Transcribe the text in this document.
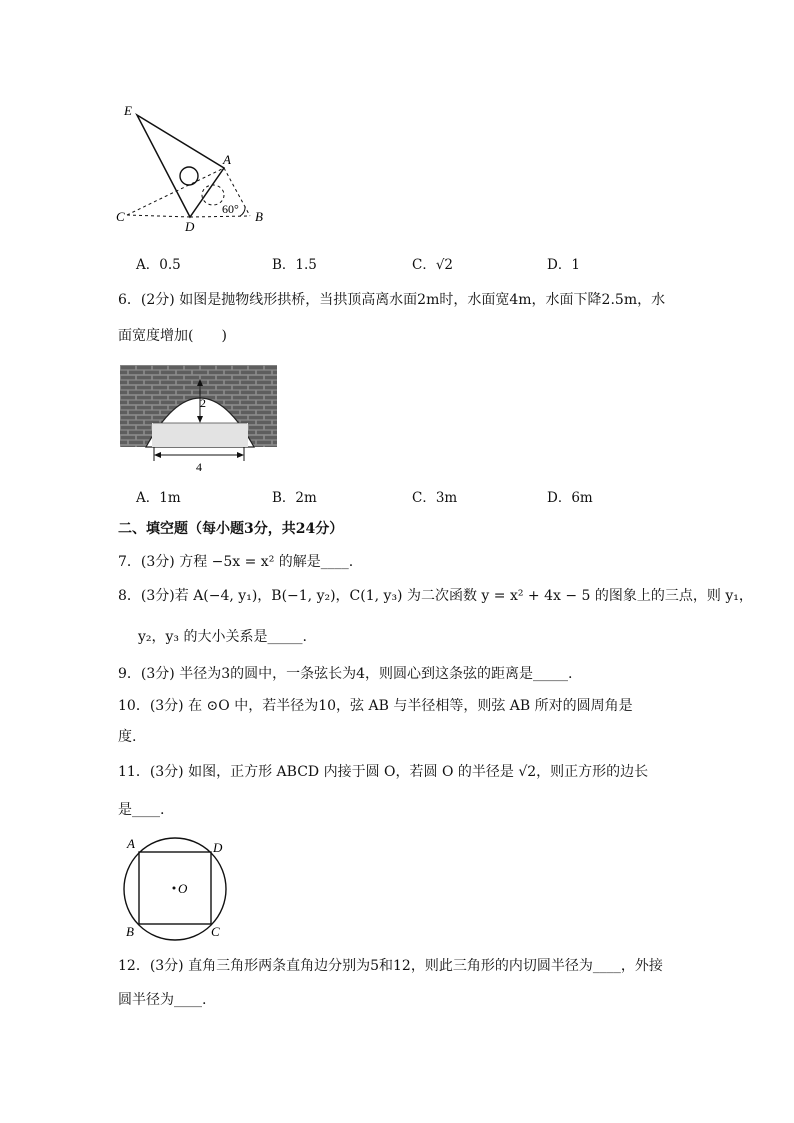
E
A
C
D
B
60°
A．0.5	B．1.5	C．√2	D．1
6．(2分) 如图是抛物线形拱桥，当拱顶高离水面2m时，水面宽4m，水面下降2.5m，水
面宽度增加(　　)
2
4
A．1m	B．2m	C．3m	D．6m
二、填空题（每小题3分，共24分）
7．(3分) 方程 −5x = x² 的解是____.
8．(3分)若 A(−4, y₁)，B(−1, y₂)，C(1, y₃) 为二次函数 y = x² + 4x − 5 的图象上的三点，则 y₁，
y₂，y₃ 的大小关系是_____.
9．(3分) 半径为3的圆中，一条弦长为4，则圆心到这条弦的距离是_____.
10．(3分) 在 ⊙O 中，若半径为10，弦 AB 与半径相等，则弦 AB 所对的圆周角是
度.
11．(3分) 如图，正方形 ABCD 内接于圆 O，若圆 O 的半径是 √2，则正方形的边长
是____.
O
A	D
B	C
12．(3分) 直角三角形两条直角边分别为5和12，则此三角形的内切圆半径为____，外接
圆半径为____.
